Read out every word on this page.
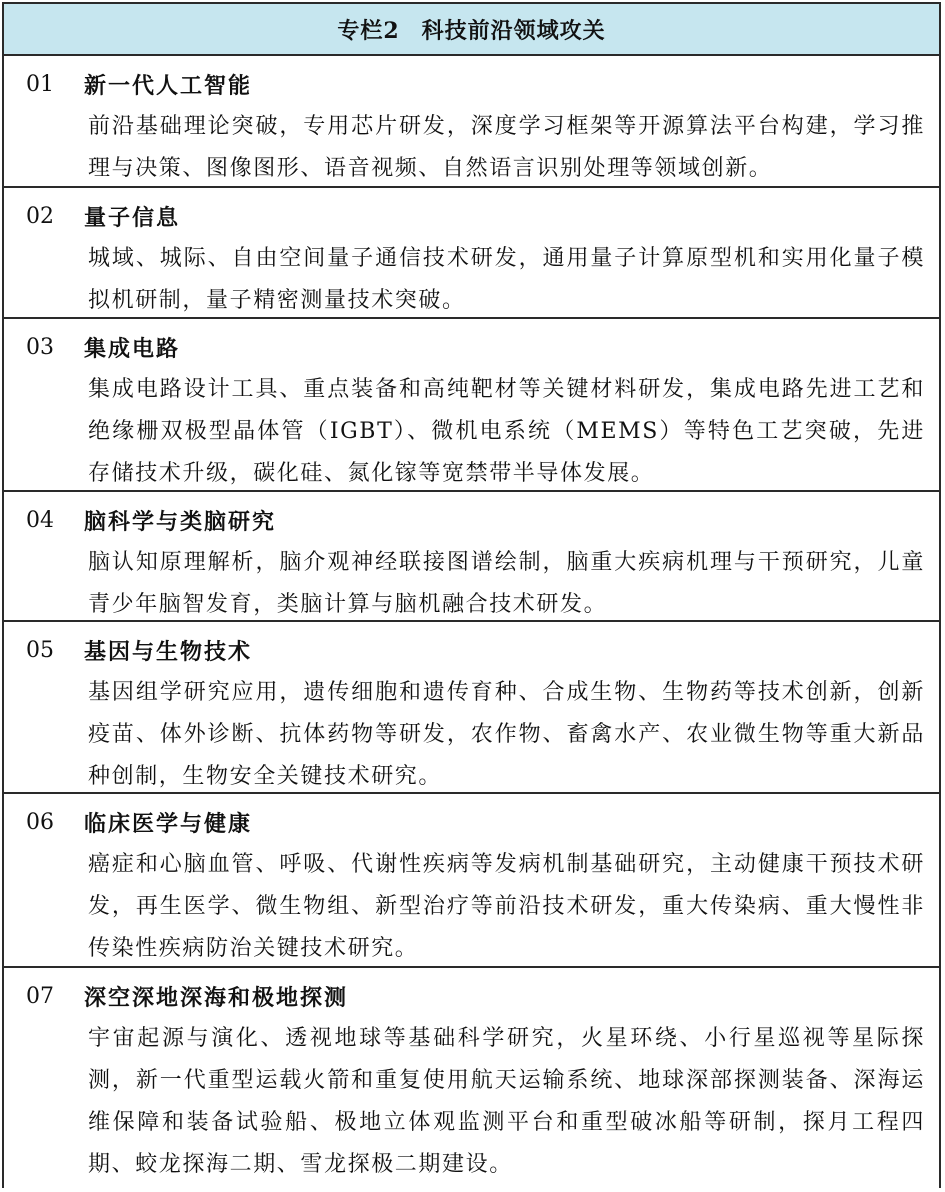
专栏2 科技前沿领域攻关
01	新一代人工智能
前沿基础理论突破，专用芯片研发，深度学习框架等开源算法平台构建，学习推理与决策、图像图形、语音视频、自然语言识别处理等领域创新。
02	量子信息
城域、城际、自由空间量子通信技术研发，通用量子计算原型机和实用化量子模拟机研制，量子精密测量技术突破。
03	集成电路
集成电路设计工具、重点装备和高纯靶材等关键材料研发，集成电路先进工艺和绝缘栅双极型晶体管（IGBT）、微机电系统（MEMS）等特色工艺突破，先进存储技术升级，碳化硅、氮化镓等宽禁带半导体发展。
04	脑科学与类脑研究
脑认知原理解析，脑介观神经联接图谱绘制，脑重大疾病机理与干预研究，儿童青少年脑智发育，类脑计算与脑机融合技术研发。
05	基因与生物技术
基因组学研究应用，遗传细胞和遗传育种、合成生物、生物药等技术创新，创新疫苗、体外诊断、抗体药物等研发，农作物、畜禽水产、农业微生物等重大新品种创制，生物安全关键技术研究。
06	临床医学与健康
癌症和心脑血管、呼吸、代谢性疾病等发病机制基础研究，主动健康干预技术研发，再生医学、微生物组、新型治疗等前沿技术研发，重大传染病、重大慢性非传染性疾病防治关键技术研究。
07	深空深地深海和极地探测
宇宙起源与演化、透视地球等基础科学研究，火星环绕、小行星巡视等星际探测，新一代重型运载火箭和重复使用航天运输系统、地球深部探测装备、深海运维保障和装备试验船、极地立体观监测平台和重型破冰船等研制，探月工程四期、蛟龙探海二期、雪龙探极二期建设。
